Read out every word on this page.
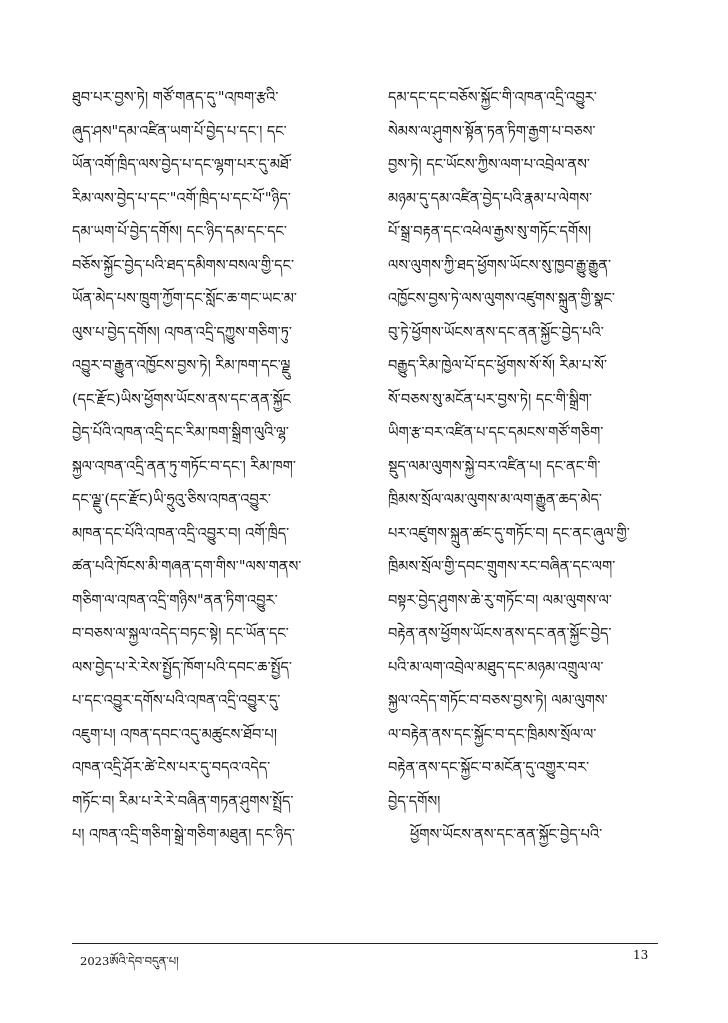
ཐུབ་པར་བྱས་ཏེ། གཙོ་གནད་དུ་"འཁག་རྩའི་
ཞུད་ཤས"དམ་འཛིན་ཡག་པོ་བྱེད་པ་དང་། དང་
ཡོན་འགོ་ཁྲིད་ལས་བྱེད་པ་དང་ལྷག་པར་དུ་མཐོ་
རིམ་ལས་བྱེད་པ་དང་"འགོ་ཁྲིད་པ་དང་པོ་"ཉིད་
དམ་ཡག་པོ་བྱེད་དགོས། དང་ཉིད་དམ་དང་དང་
བཅོས་སྐྱོང་བྱེད་པའི་ཐད་དམིགས་བསལ་གྱི་དང་
ཡོན་མེད་པས་ཁྲུག་ཀྱོག་དང་སློང་ཆ་གང་ཡང་མ་
ལུས་པ་བྱེད་དགོས། འཁན་འདྲི་དཀྱུས་གཅིག་ཏུ་
འབྱུར་བ་རྒྱུན་འཁྱོངས་བྱས་ཏེ། རིམ་ཁག་དང་ལྗུ
(དང་རྫོང)ཡིས་ཕྱོགས་ཡོངས་ནས་དང་ནན་སྐྱོང
བྱེད་པོའི་འཁན་འདྲི་དང་རིམ་ཁག་སྒྲིག་ལུའི་ལྷ་
སྐྱལ་འཁན་འདྲི་ནན་ཏུ་གཏོང་བ་དང་། རིམ་ཁག་
དང་ལྗུ་(དང་རྫོང)ཡི་ཧྲུའུ་ཅིས་འཁན་འབྱུར་
མཁན་དང་པོའི་འཁན་འདྲི་འབྱུར་བ། འགོ་ཁྲིད་
ཚན་པའི་ཁོངས་མི་གཞན་དག་གིས་"ལས་གནས་
གཅིག་ལ་འཁན་འདྲི་གཉིས"ནན་ཏིག་འབྱུར་
བ་བཅས་ལ་སྐྱལ་འདེད་བཏང་སྟེ། དང་ཡོན་དང་
ལས་བྱེད་པ་རེ་རེས་སྤྱོད་ཁོག་པའི་དབང་ཆ་སྤྱོད་
པ་དང་འབྱུར་དགོས་པའི་འཁན་འདྲི་འབྱུར་དུ་
འཇུག་པ། འཁན་དབང་འདུ་མཚུངས་ཐོབ་པ།
འཁན་འདྲི་ཤོར་ཚེ་ངེས་པར་དུ་བདའ་འདེད་
གཏོང་བ། རིམ་པ་རེ་རེ་བཞིན་གཏན་ཤུགས་སྤྲོད་
པ། འཁན་འདྲི་གཅིག་སྒྲེ་གཅིག་མཐུན། དང་ཉིད་
དམ་དང་དང་བཅོས་སྐྱོང་གི་འཁན་འདྲི་འབྱུར་
སེམས་ལ་ཤུགས་སྟོན་ཏན་ཏིག་རྒྱག་པ་བཅས་
བྱས་ཏེ། དང་ཡོངས་ཀྱིས་ལག་པ་འབྲེལ་ནས་
མཉམ་དུ་དམ་འཛིན་བྱེད་པའི་རྣམ་པ་ལེགས་
པོ་སྒྲ་བརྟན་དང་འཕེལ་རྒྱས་སུ་གཏོང་དགོས།
ལས་ལུགས་ཀྱི་ཐད་ཕྱོགས་ཡོངས་སུ་ཁྱབ་རྒྱུ་རྒྱུན་
འཁྱོངས་བྱས་ཏེ་ལས་ལུགས་འཛུགས་སྐྲུན་གྱི་སྣང་
བུ་ཏེ་ཕྱོགས་ཡོངས་ནས་དང་ནན་སྐྱོང་བྱེད་པའི་
བརྒྱུད་རིམ་ཁྱེལ་པོ་དང་ཕྱོགས་སོ་སོ། རིམ་པ་སོ་
སོ་བཅས་སུ་མངོན་པར་བྱས་ཏེ། དང་གི་སྒྲིག་
ཡིག་རྩ་བར་འཛིན་པ་དང་དམངས་གཙོ་གཅིག་
སྡུད་ལམ་ལུགས་སྐྱེ་བར་འཛིན་པ། དང་ནང་གི་
ཁྲིམས་སྲོལ་ལམ་ལུགས་མ་ལག་རྒྱུན་ཆད་མེད་
པར་འཛུགས་སྐྲུན་ཚང་དུ་གཏོང་བ། དང་ནང་ཞུལ་གྱི་
ཁྲིམས་སྲོལ་གྱི་དབང་གྲུགས་རང་བཞིན་དང་ལག་
བསྟར་བྱེད་ཤུགས་ཆེ་རུ་གཏོང་བ། ལམ་ལུགས་ལ་
བརྟེན་ནས་ཕྱོགས་ཡོངས་ནས་དང་ནན་སྐྱོང་བྱེད་
པའི་མ་ལག་འབྲེལ་མཐུད་དང་མཉམ་འགྲུལ་ལ་
སྐྱལ་འདེད་གཏོང་བ་བཅས་བྱས་ཏེ། ལམ་ལུགས་
ལ་བརྟེན་ནས་དང་སྐྱོང་བ་དང་ཁྲིམས་སྲོལ་ལ་
བརྟེན་ནས་དང་སྐྱོང་བ་མངོན་དུ་འགྱུར་བར་
བྱེད་དགོས།
ཕྱོགས་ཡོངས་ནས་དང་ནན་སྐྱོང་བྱེད་པའི་
2023ཨོའི་དེབ་བདུན་པ།	13
